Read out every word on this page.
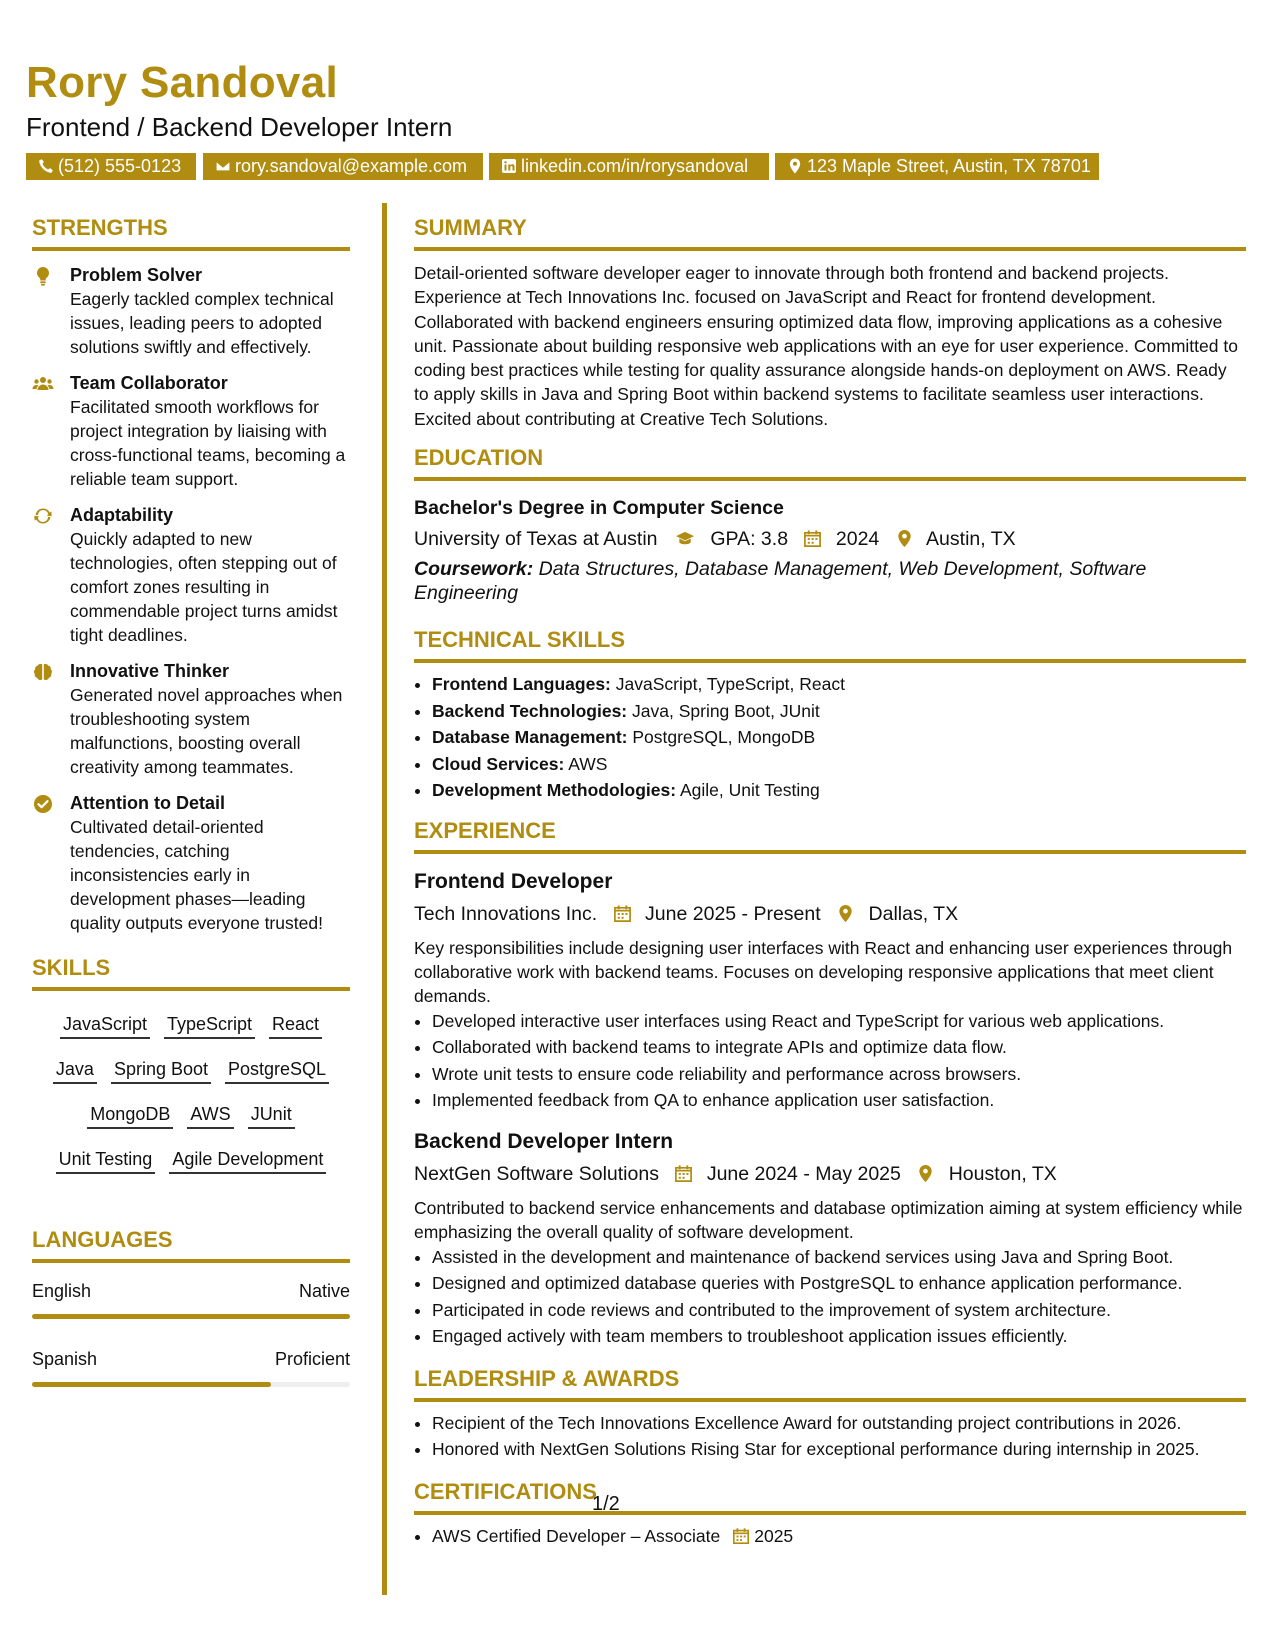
Rory Sandoval
Frontend / Backend Developer Intern
(512) 555-0123	rory.sandoval@example.com	linkedin.com/in/rorysandoval	123 Maple Street, Austin, TX 78701
STRENGTHS

Problem Solver

Eagerly tackled complex technical issues, leading peers to adopted solutions swiftly and effectively.

Team Collaborator

Facilitated smooth workflows for project integration by liaising with cross-functional teams, becoming a reliable team support.

Adaptability

Quickly adapted to new technologies, often stepping out of comfort zones resulting in commendable project turns amidst tight deadlines.

Innovative Thinker

Generated novel approaches when troubleshooting system malfunctions, boosting overall creativity among teammates.

Attention to Detail

Cultivated detail-oriented tendencies, catching inconsistencies early in development phases—leading quality outputs everyone trusted!

SKILLS
JavaScript TypeScript React
Java Spring Boot PostgreSQL
MongoDB AWS JUnit
Unit Testing Agile Development
LANGUAGES
English	Native
Spanish	Proficient
SUMMARY

Detail-oriented software developer eager to innovate through both frontend and backend projects. Experience at Tech Innovations Inc. focused on JavaScript and React for frontend development. Collaborated with backend engineers ensuring optimized data flow, improving applications as a cohesive unit. Passionate about building responsive web applications with an eye for user experience. Committed to coding best practices while testing for quality assurance alongside hands-on deployment on AWS. Ready to apply skills in Java and Spring Boot within backend systems to facilitate seamless user interactions. Excited about contributing at Creative Tech Solutions.

EDUCATION

Bachelor's Degree in Computer Science

University of Texas at Austin	GPA: 3.8 2024 Austin, TX

Coursework: Data Structures, Database Management, Web Development, Software Engineering

TECHNICAL SKILLS
• Frontend Languages: JavaScript, TypeScript, React
• Backend Technologies: Java, Spring Boot, JUnit
• Database Management: PostgreSQL, MongoDB
• Cloud Services: AWS
• Development Methodologies: Agile, Unit Testing
EXPERIENCE

Frontend Developer

Tech Innovations Inc. June 2025 - Present Dallas, TX

Key responsibilities include designing user interfaces with React and enhancing user experiences through collaborative work with backend teams. Focuses on developing responsive applications that meet client demands.

• Developed interactive user interfaces using React and TypeScript for various web applications.
• Collaborated with backend teams to integrate APIs and optimize data flow.
• Wrote unit tests to ensure code reliability and performance across browsers.
• Implemented feedback from QA to enhance application user satisfaction.

Backend Developer Intern

NextGen Software Solutions June 2024 - May 2025 Houston, TX

Contributed to backend service enhancements and database optimization aiming at system efficiency while emphasizing the overall quality of software development.

• Assisted in the development and maintenance of backend services using Java and Spring Boot.
• Designed and optimized database queries with PostgreSQL to enhance application performance.
• Participated in code reviews and contributed to the improvement of system architecture.
• Engaged actively with team members to troubleshoot application issues efficiently.
LEADERSHIP & AWARDS
• Recipient of the Tech Innovations Excellence Award for outstanding project contributions in 2026.
• Honored with NextGen Solutions Rising Star for exceptional performance during internship in 2025.
CERTIFICATIONS
• AWS Certified Developer – Associate 2025
1/2
